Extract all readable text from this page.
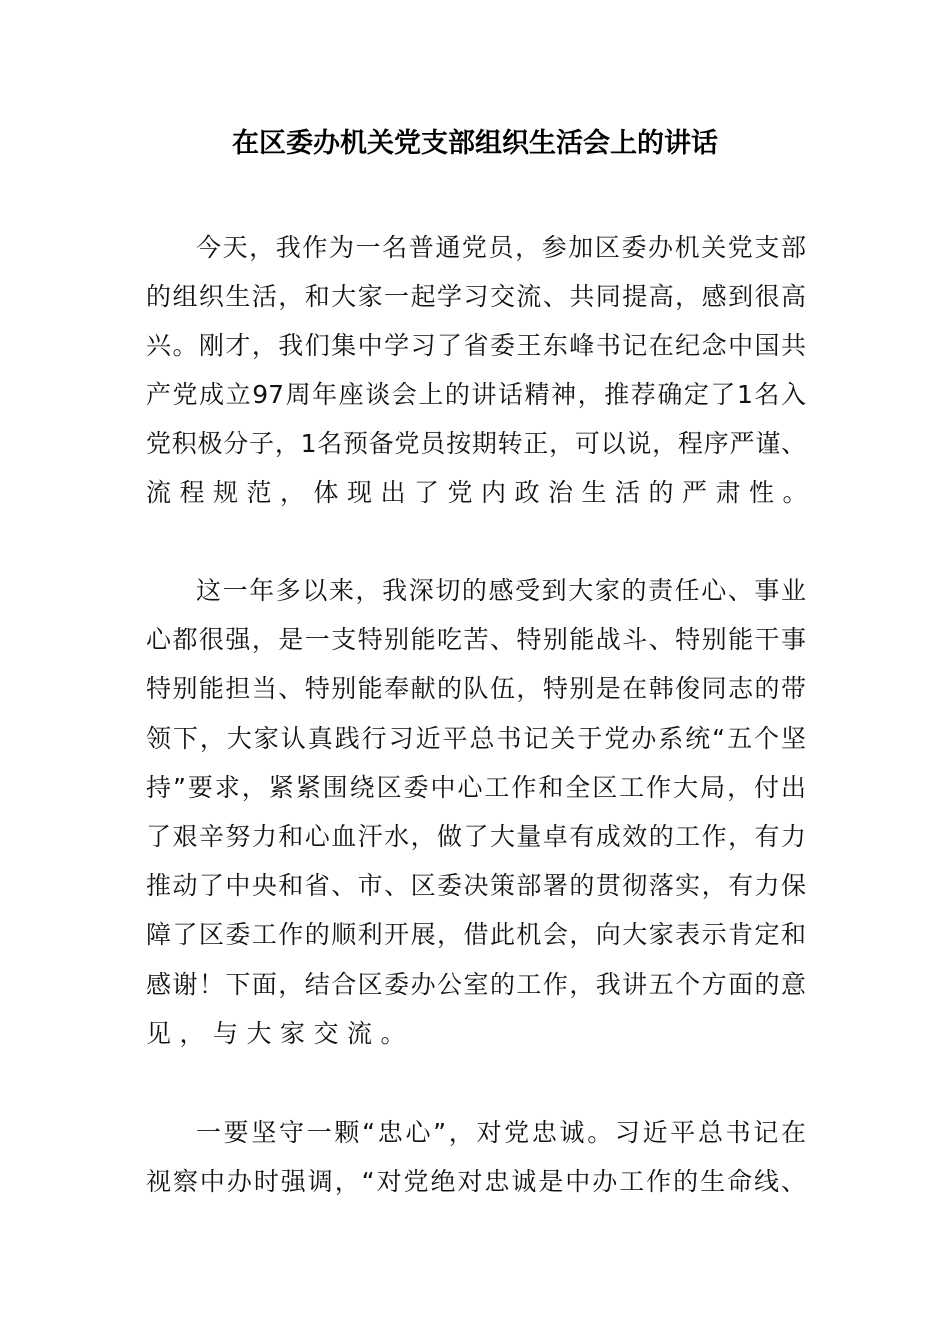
在区委办机关党支部组织生活会上的讲话
今天，我作为一名普通党员，参加区委办机关党支部
的组织生活，和大家一起学习交流、共同提高，感到很高
兴。刚才，我们集中学习了省委王东峰书记在纪念中国共
产党成立97周年座谈会上的讲话精神，推荐确定了1名入
党积极分子，1名预备党员按期转正，可以说，程序严谨、
流程规范，体现出了党内政治生活的严肃性。
这一年多以来，我深切的感受到大家的责任心、事业
心都很强，是一支特别能吃苦、特别能战斗、特别能干事
特别能担当、特别能奉献的队伍，特别是在韩俊同志的带
领下，大家认真践行习近平总书记关于党办系统“五个坚
持”要求，紧紧围绕区委中心工作和全区工作大局，付出
了艰辛努力和心血汗水，做了大量卓有成效的工作，有力
推动了中央和省、市、区委决策部署的贯彻落实，有力保
障了区委工作的顺利开展，借此机会，向大家表示肯定和
感谢！下面，结合区委办公室的工作，我讲五个方面的意
见，与大家交流。
一要坚守一颗“忠心”，对党忠诚。习近平总书记在
视察中办时强调，“对党绝对忠诚是中办工作的生命线、
